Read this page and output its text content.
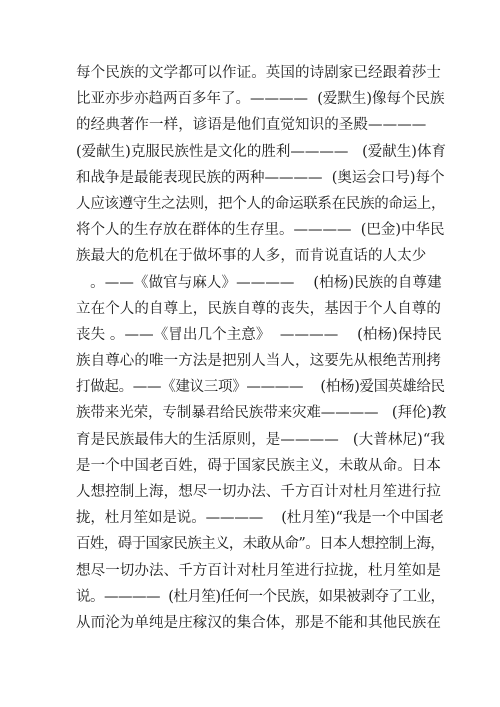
每个民族的文学都可以作证。英国的诗剧家已经跟着莎士
比亚亦步亦趋两百多年了。————  (爱默生)像每个民族
的经典著作一样，谚语是他们直觉知识的圣殿————
(爱献生)克服民族性是文化的胜利————   (爱献生)体育
和战争是最能表现民族的两种————  (奥运会口号)每个
人应该遵守生之法则，把个人的命运联系在民族的命运上，
将个人的生存放在群体的生存里。————  (巴金)中华民
族最大的危机在于做坏事的人多，而肯说直话的人太少
。——《做官与麻人》————    (柏杨)民族的自尊建
立在个人的自尊上，民族自尊的丧失，基因于个人自尊的
丧失 。——《冒出几个主意》  ————    (柏杨)保持民
族自尊心的唯一方法是把别人当人，这要先从根绝苦刑拷
打做起。——《建议三项》————    (柏杨)爱国英雄给民
族带来光荣，专制暴君给民族带来灾难————   (拜伦)教
育是民族最伟大的生活原则，是————   (大普林尼)“我
是一个中国老百姓，碍于国家民族主义，未敢从命。日本
人想控制上海，想尽一切办法、千方百计对杜月笙进行拉
拢，杜月笙如是说。————    (杜月笙)“我是一个中国老
百姓，碍于国家民族主义，未敢从命”。日本人想控制上海，
想尽一切办法、千方百计对杜月笙进行拉拢，杜月笙如是
说。————  (杜月笙)任何一个民族，如果被剥夺了工业，
从而沦为单纯是庄稼汉的集合体，那是不能和其他民族在
